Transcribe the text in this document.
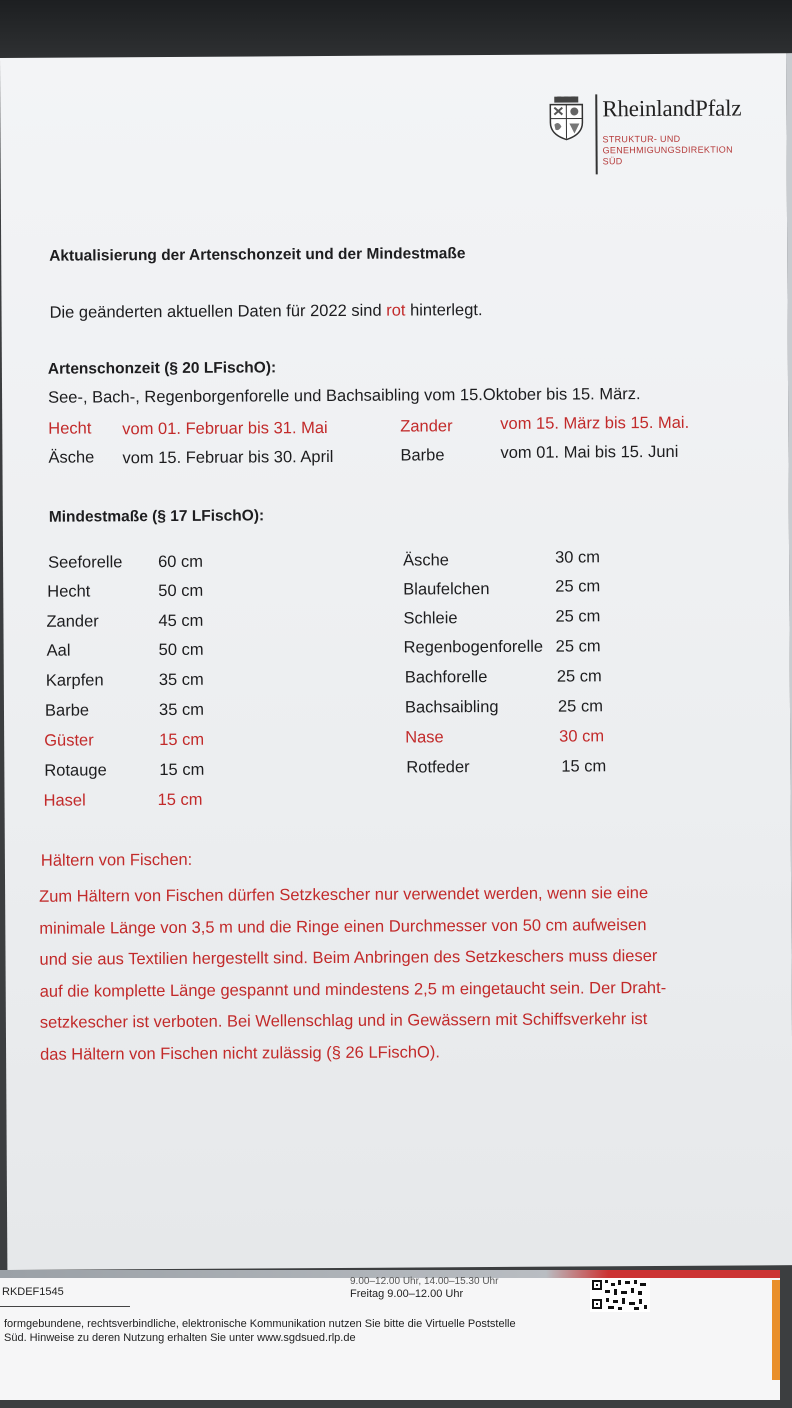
RheinlandPfalz
STRUKTUR- UND
GENEHMIGUNGSDIREKTION
SÜD
Aktualisierung der Artenschonzeit und der Mindestmaße
Die geänderten aktuellen Daten für 2022 sind rot hinterlegt.
Artenschonzeit (§ 20 LFischO):
See-, Bach-, Regenborgenforelle und Bachsaibling vom 15.Oktober bis 15. März.
Hecht vom 01. Februar bis 31. Mai	Zander	vom 15. März bis 15. Mai.
Äsche vom 15. Februar bis 30. April	Barbe	vom 01. Mai bis 15. Juni
Mindestmaße (§ 17 LFischO):
Seeforelle 60 cm
Hecht	50 cm
Zander	45 cm
Aal	50 cm
Karpfen	35 cm
Barbe	35 cm
Güster	15 cm
Rotauge	15 cm
Hasel	15 cm
Äsche	30 cm
Blaufelchen	25 cm
Schleie	25 cm
Regenbogenforelle 25 cm
Bachforelle	25 cm
Bachsaibling	25 cm
Nase	30 cm
Rotfeder	15 cm
Hältern von Fischen:

Zum Hältern von Fischen dürfen Setzkescher nur verwendet werden, wenn sie eine

minimale Länge von 3,5 m und die Ringe einen Durchmesser von 50 cm aufweisen

und sie aus Textilien hergestellt sind. Beim Anbringen des Setzkeschers muss dieser

auf die komplette Länge gespannt und mindestens 2,5 m eingetaucht sein. Der Draht-

setzkescher ist verboten. Bei Wellenschlag und in Gewässern mit Schiffsverkehr ist

das Hältern von Fischen nicht zulässig (§ 26 LFischO).

9.00–12.00 Uhr, 14.00–15.30 Uhr
RKDEF1545	Freitag 9.00–12.00 Uhr
formgebundene, rechtsverbindliche, elektronische Kommunikation nutzen Sie bitte die Virtuelle Poststelle
Süd. Hinweise zu deren Nutzung erhalten Sie unter www.sgdsued.rlp.de
